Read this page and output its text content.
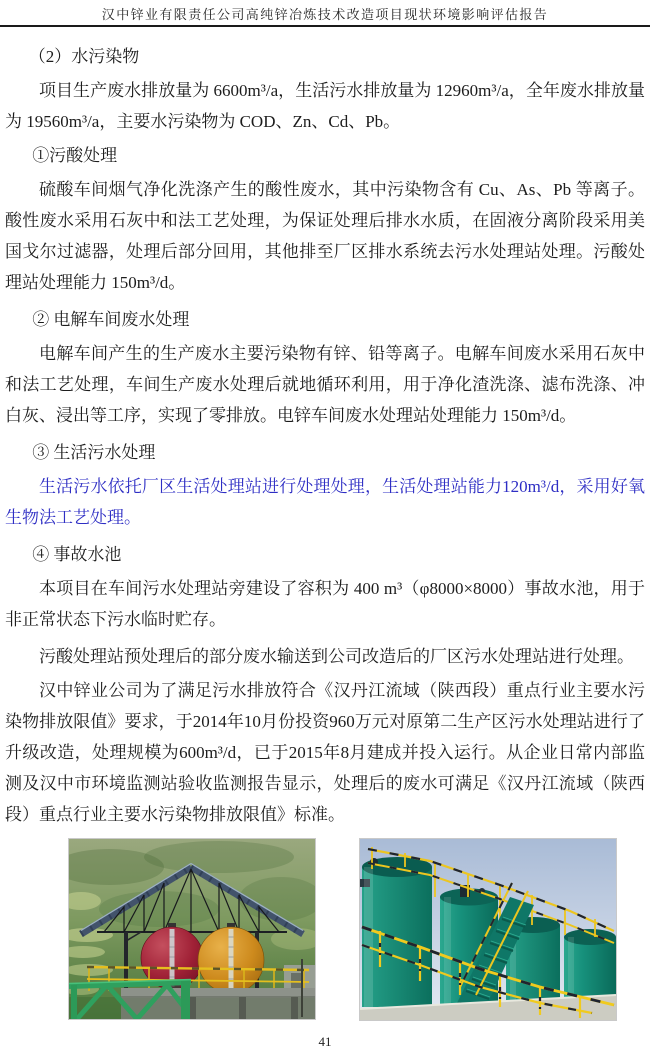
汉中锌业有限责任公司高纯锌冶炼技术改造项目现状环境影响评估报告

（2）水污染物

项目生产废水排放量为 6600m³/a，生活污水排放量为 12960m³/a，全年废水排放量为 19560m³/a，主要水污染物为 COD、Zn、Cd、Pb。

①污酸处理

硫酸车间烟气净化洗涤产生的酸性废水，其中污染物含有 Cu、As、Pb 等离子。酸性废水采用石灰中和法工艺处理，为保证处理后排水水质，在固液分离阶段采用美国戈尔过滤器，处理后部分回用，其他排至厂区排水系统去污水处理站处理。污酸处理站处理能力 150m³/d。

② 电解车间废水处理

电解车间产生的生产废水主要污染物有锌、铅等离子。电解车间废水采用石灰中和法工艺处理，车间生产废水处理后就地循环利用，用于净化渣洗涤、滤布洗涤、冲白灰、浸出等工序，实现了零排放。电锌车间废水处理站处理能力 150m³/d。

③ 生活污水处理

生活污水依托厂区生活处理站进行处理处理，生活处理站能力120m³/d，采用好氧生物法工艺处理。

④ 事故水池

本项目在车间污水处理站旁建设了容积为 400 m³（φ8000×8000）事故水池，用于非正常状态下污水临时贮存。

污酸处理站预处理后的部分废水输送到公司改造后的厂区污水处理站进行处理。

汉中锌业公司为了满足污水排放符合《汉丹江流域（陕西段）重点行业主要水污染物排放限值》要求，于2014年10月份投资960万元对原第二生产区污水处理站进行了升级改造，处理规模为600m³/d，已于2015年8月建成并投入运行。从企业日常内部监测及汉中市环境监测站验收监测报告显示，处理后的废水可满足《汉丹江流域（陕西段）重点行业主要水污染物排放限值》标准。

41
